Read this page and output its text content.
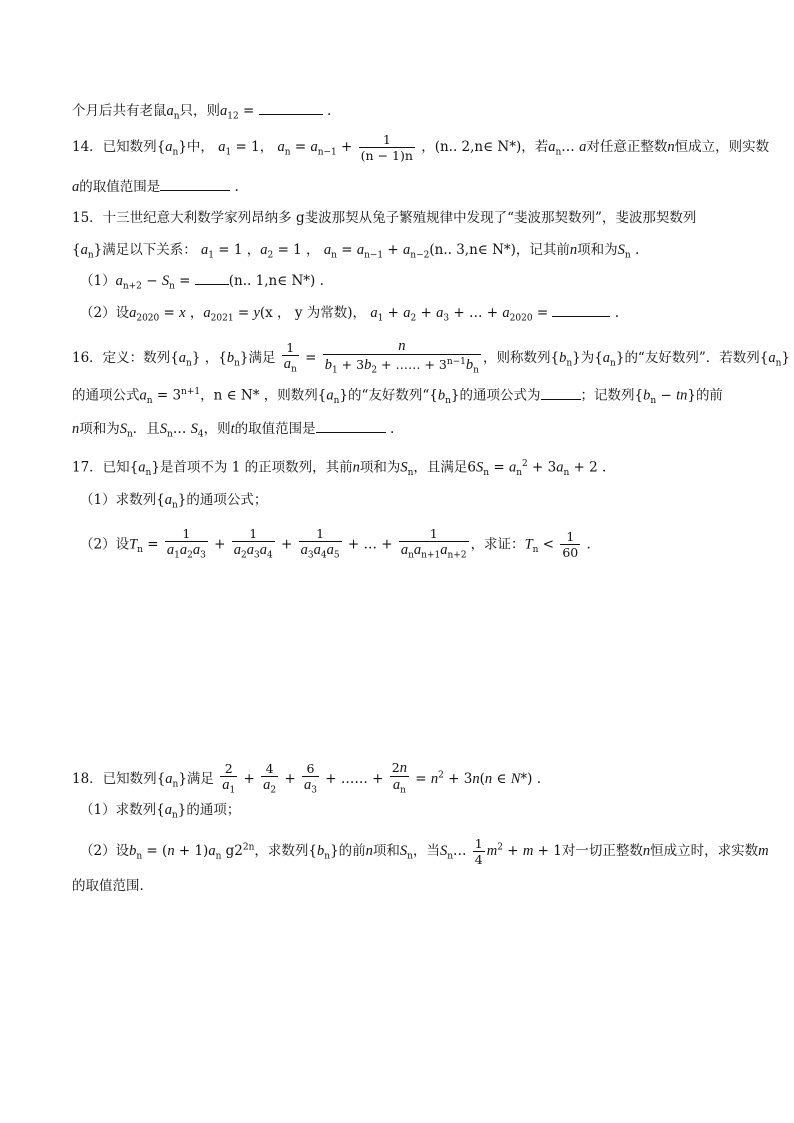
个月后共有老鼠$a_n$只，则$a_{12}$ =	.
14．已知数列$\{a_n\}$中， $a_1 = 1$， $a_n = a_{n-1} + \frac{1}{(n - 1)n}$ ，(n.. 2,n∈ N*)，若$a_n\dots$ a对任意正整数n恒成立，则实数
a的取值范围是	.
15．十三世纪意大利数学家列昂纳多 g斐波那契从兔子繁殖规律中发现了“斐波那契数列”，斐波那契数列
$\{a_n\}$满足以下关系： $a_1 = 1$ ，$a_2 = 1$ ， $a_n = a_{n-1} + a_{n-2}(n$.. 3,n∈ N*)，记其前n项和为$S_n$ .
$(1)a_{n+2} - S_n$ =	(n.. 1,n∈ N*) .
（2）设$a_{2020} = x$ ，$a_{2021} = y(x$ ， y 为常数)， $a_1 + a_2 + a_3$ + … + $a_{2020}$ =	.
16．定义：数列$\{a_n\}$ ，$\{b_n\}$满足 $\frac{1}{a_n} = \frac{n}{b_1 + 3b_2 + \dots\dots + 3^{n-1}b_n}$ ，则称数列$\{b_n\}$为$\{a_n\}$的“友好数列”．若数列$\{a_n\}$
的通项公式$a_n = 3^{n+1}$，n ∈ N* ，则数列$\{a_n\}$的“友好数列“$\{b_n\}$的通项公式为	；记数列$\{b_n - tn\}$的前
n项和为$S_n$．且$S_n\dots$ $S_4$，则t的取值范围是	.
17．已知$\{a_n\}$是首项不为 1 的正项数列，其前n项和为$S_n$，且满足$6S_n = a_n^2 + 3a_n + 2$ .
（1）求数列$\{a_n\}$的通项公式；
（2）设$T_n = \frac{1}{a_1a_2a_3} + \frac{1}{a_2a_3a_4} + \frac{1}{a_3a_4a_5}$ + … + $\frac{1}{a_na_{n+1}a_{n+2}}$ ，求证：$T_n < \frac{1}{60}$ .
18．已知数列$\{a_n\}$满足 $\frac{2}{a_1} + \frac{4}{a_2} + \frac{6}{a_3}$ + …… + $\frac{2n}{a_n} = n^2 + 3n(n$ ∈ N*) .
（1）求数列$\{a_n\}$的通项；
（2）设$b_n = (n + 1)a_n$ $g2^{2n}$，求数列$\{b_n\}$的前n项和$S_n$，当$S_n\dots \frac{1}{4} m^2 + m + 1$对一切正整数n恒成立时，求实数m
的取值范围．
